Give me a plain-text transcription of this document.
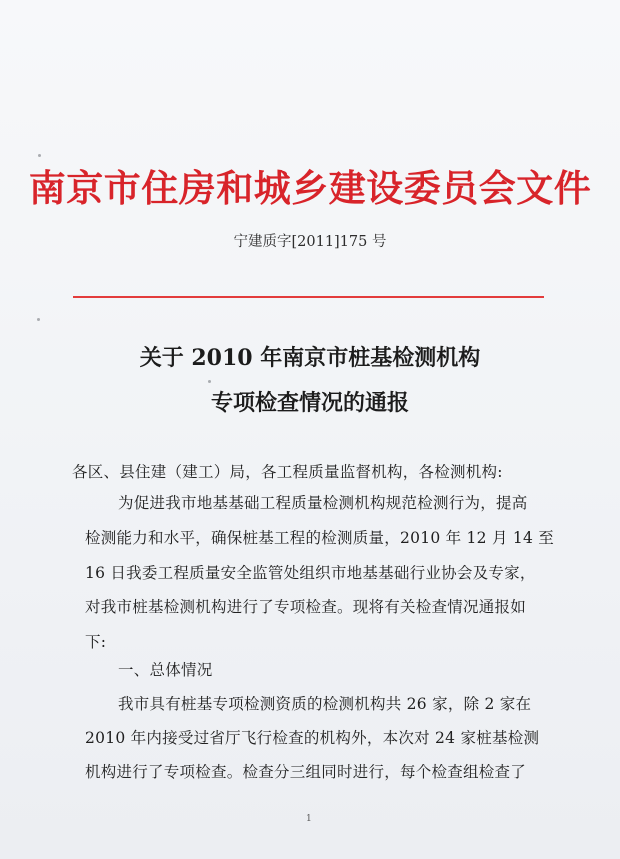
南京市住房和城乡建设委员会文件
宁建质字[2011]175 号
关于 2010 年南京市桩基检测机构
专项检查情况的通报
各区、县住建（建工）局，各工程质量监督机构，各检测机构:
为促进我市地基基础工程质量检测机构规范检测行为，提高
检测能力和水平，确保桩基工程的检测质量，2010 年 12 月 14 至
16 日我委工程质量安全监管处组织市地基基础行业协会及专家，
对我市桩基检测机构进行了专项检查。现将有关检查情况通报如
下:
一、总体情况
我市具有桩基专项检测资质的检测机构共 26 家，除 2 家在
2010 年内接受过省厅飞行检查的机构外，本次对 24 家桩基检测
机构进行了专项检查。检查分三组同时进行，每个检查组检查了
1
